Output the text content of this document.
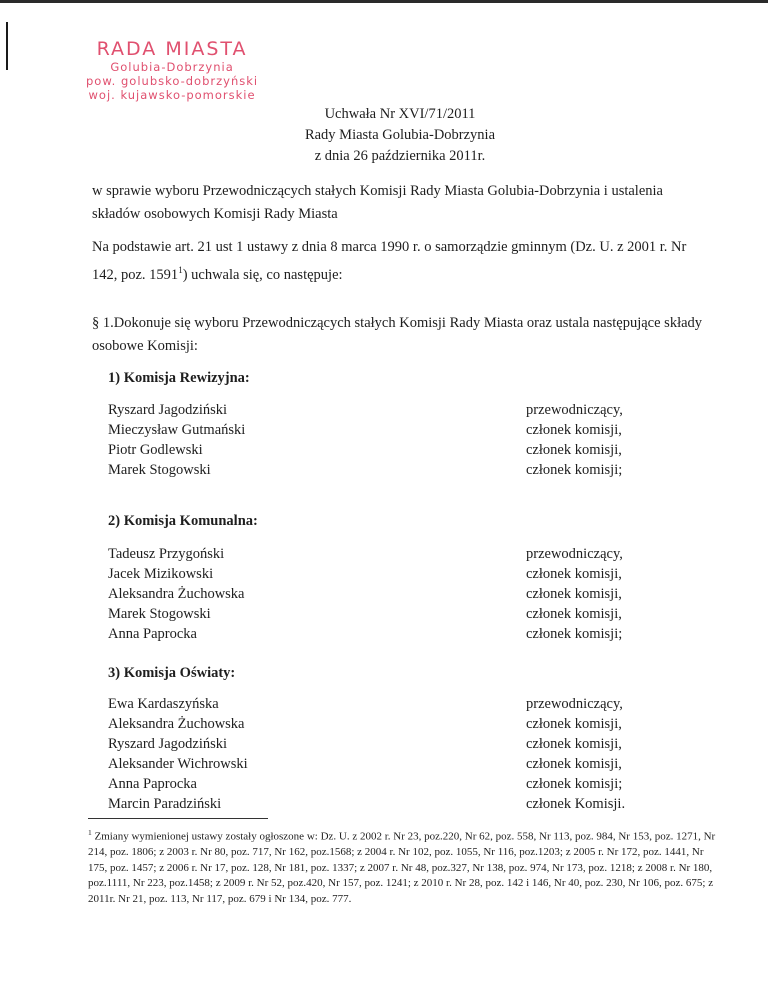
RADA MIASTA
Golubia-Dobrzynia
pow. golubsko-dobrzyński
woj. kujawsko-pomorskie
Uchwała Nr XVI/71/2011
Rady Miasta Golubia-Dobrzynia
z dnia 26 października 2011r.
w sprawie wyboru Przewodniczących stałych Komisji Rady Miasta Golubia-Dobrzynia i ustalenia składów osobowych Komisji Rady Miasta
Na podstawie art. 21 ust 1 ustawy z dnia 8 marca 1990 r. o samorządzie gminnym (Dz. U. z 2001 r. Nr 142, poz. 1591$^1$) uchwala się, co następuje:
§ 1.Dokonuje się wyboru Przewodniczących stałych Komisji Rady Miasta oraz ustala następujące składy osobowe Komisji:
1) Komisja Rewizyjna:
Ryszard Jagodziński	przewodniczący,
Mieczysław Gutmański	członek komisji,
Piotr Godlewski	członek komisji,
Marek Stogowski	członek komisji;
2) Komisja Komunalna:
Tadeusz Przygoński	przewodniczący,
Jacek Mizikowski	członek komisji,
Aleksandra Żuchowska	członek komisji,
Marek Stogowski	członek komisji,
Anna Paprocka	członek komisji;
3) Komisja Oświaty:
Ewa Kardaszyńska	przewodniczący,
Aleksandra Żuchowska	członek komisji,
Ryszard Jagodziński	członek komisji,
Aleksander Wichrowski	członek komisji,
Anna Paprocka	członek komisji;
Marcin Paradziński	członek Komisji.
$^1$ Zmiany wymienionej ustawy zostały ogłoszone w: Dz. U. z 2002 r. Nr 23, poz.220, Nr 62, poz. 558, Nr 113, poz. 984, Nr 153, poz. 1271, Nr 214, poz. 1806; z 2003 r. Nr 80, poz. 717, Nr 162, poz.1568; z 2004 r. Nr 102, poz. 1055, Nr 116, poz.1203; z 2005 r. Nr 172, poz. 1441, Nr 175, poz. 1457; z 2006 r. Nr 17, poz. 128, Nr 181, poz. 1337; z 2007 r. Nr 48, poz.327, Nr 138, poz. 974, Nr 173, poz. 1218; z 2008 r. Nr 180, poz.1111, Nr 223, poz.1458; z 2009 r. Nr 52, poz.420, Nr 157, poz. 1241; z 2010 r. Nr 28, poz. 142 i 146, Nr 40, poz. 230, Nr 106, poz. 675; z 2011r. Nr 21, poz. 113, Nr 117, poz. 679 i Nr 134, poz. 777.
